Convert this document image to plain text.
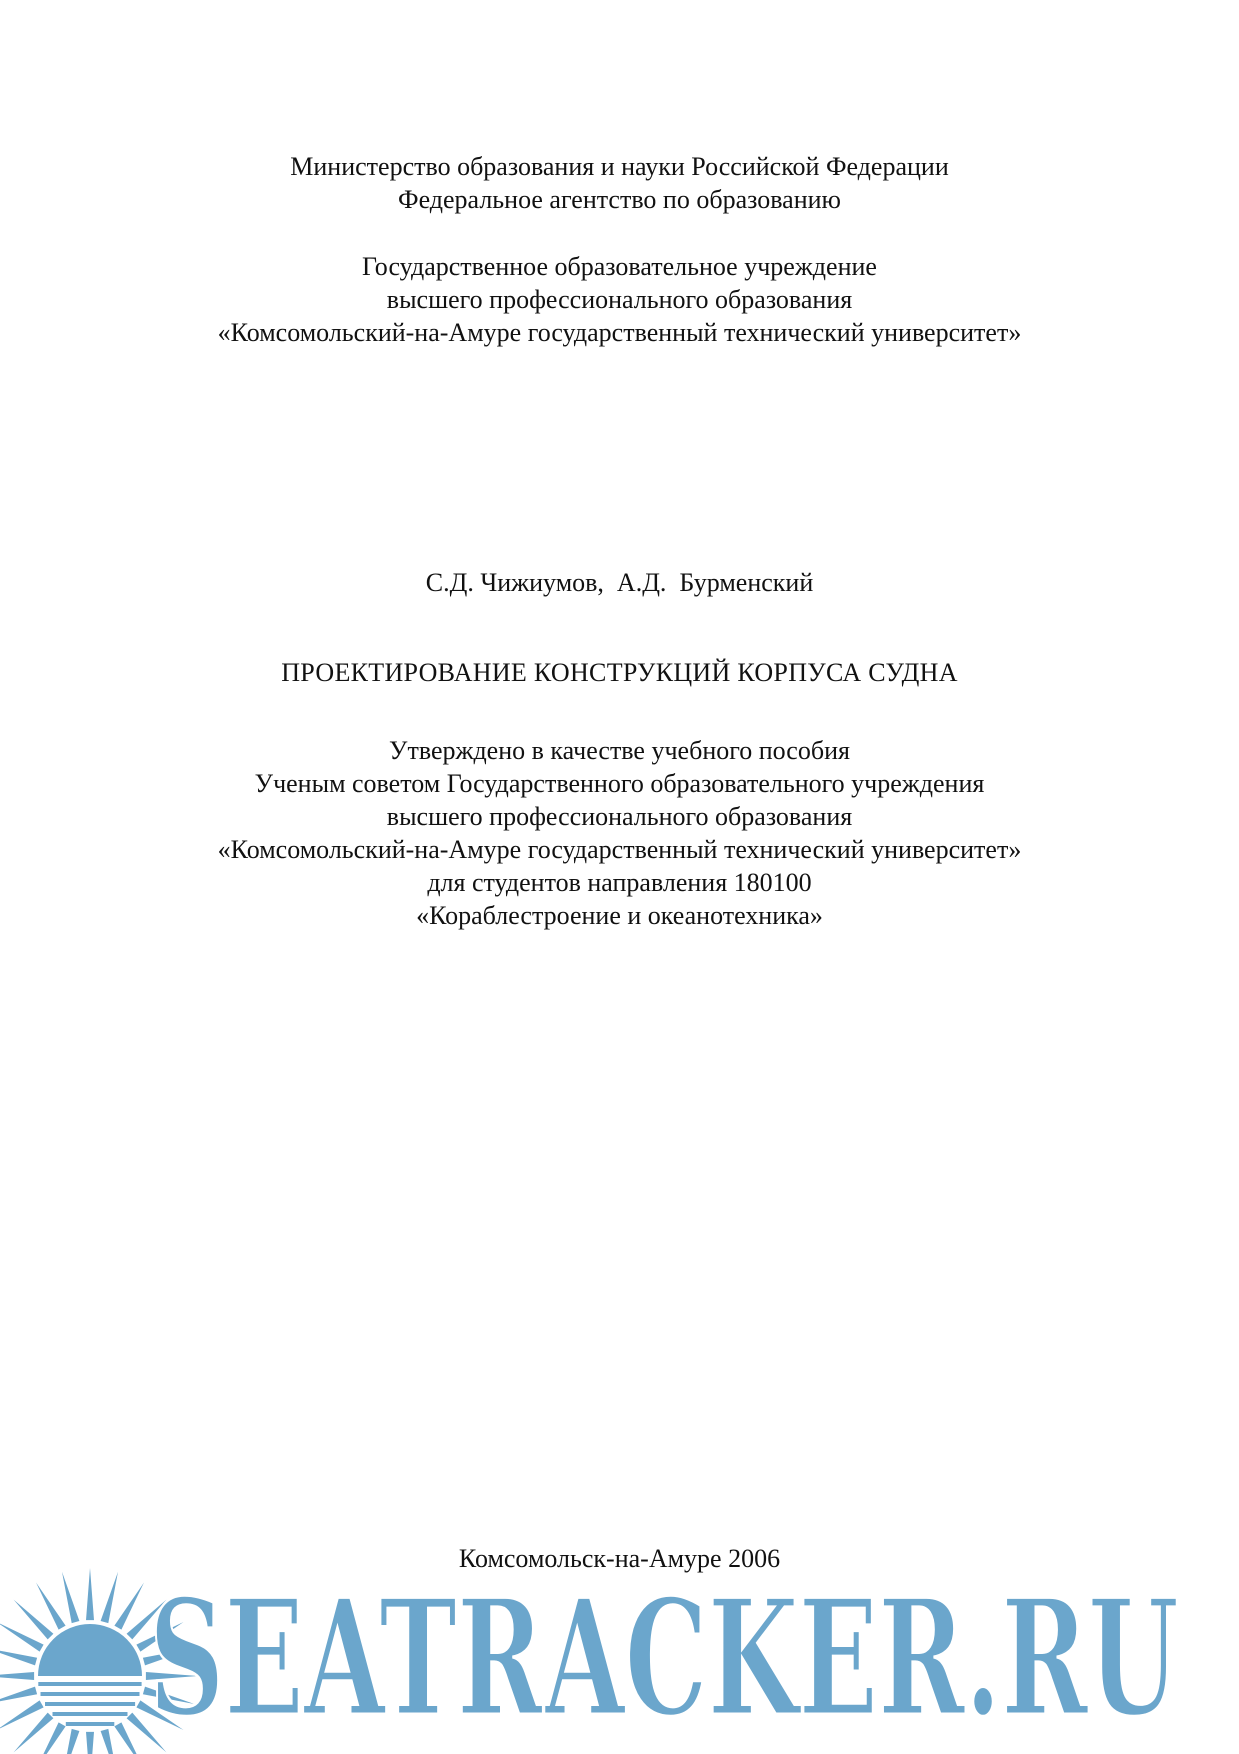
Министерство образования и науки Российской Федерации
Федеральное агентство по образованию
Государственное образовательное учреждение
высшего профессионального образования
«Комсомольский-на-Амуре государственный технический университет»
С.Д. Чижиумов,  А.Д.  Бурменский
ПРОЕКТИРОВАНИЕ КОНСТРУКЦИЙ КОРПУСА СУДНА
Утверждено в качестве учебного пособия
Ученым советом Государственного образовательного учреждения
высшего профессионального образования
«Комсомольский-на-Амуре государственный технический университет»
для студентов направления 180100
«Кораблестроение и океанотехника»
Комсомольск-на-Амуре 2006
SEATRACKER.RU
